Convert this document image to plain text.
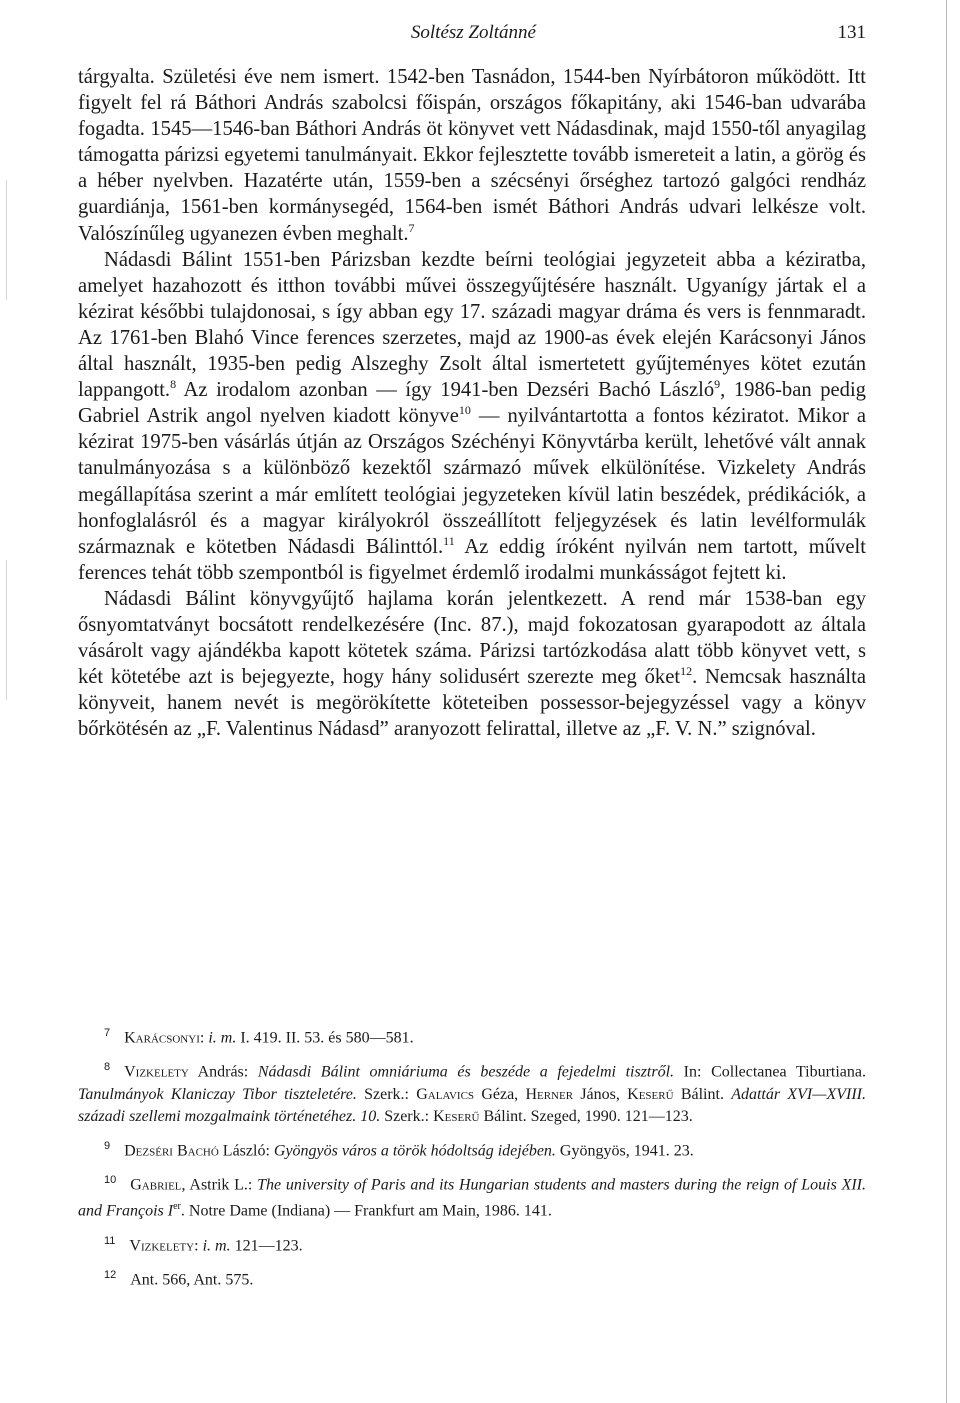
Soltész Zoltánné	131

tárgyalta. Születési éve nem ismert. 1542-ben Tasnádon, 1544-ben Nyírbátoron működött. Itt figyelt fel rá Báthori András szabolcsi főispán, országos főkapitány, aki 1546-ban udvarába fogadta. 1545—1546-ban Báthori András öt könyvet vett Nádasdinak, majd 1550-től anyagilag támogatta párizsi egyetemi tanulmányait. Ekkor fejlesztette tovább ismereteit a latin, a görög és a héber nyelvben. Hazatérte után, 1559-ben a szécsényi őrséghez tartozó galgóci rendház guardiánja, 1561-ben kormánysegéd, 1564-ben ismét Báthori András udvari lelkésze volt. Valószínűleg ugyanezen évben meghalt.$^7$

Nádasdi Bálint 1551-ben Párizsban kezdte beírni teológiai jegyzeteit abba a kéziratba, amelyet hazahozott és itthon további művei összegyűjtésére használt. Ugyanígy jártak el a kézirat későbbi tulajdonosai, s így abban egy 17. századi magyar dráma és vers is fennmaradt. Az 1761-ben Blahó Vince ferences szerzetes, majd az 1900-as évek elején Karácsonyi János által használt, 1935-ben pedig Alszeghy Zsolt által ismertetett gyűjteményes kötet ezután lappangott.$^8$ Az irodalom azonban — így 1941-ben Dezséri Bachó László$^9$, 1986-ban pedig Gabriel Astrik angol nyelven kiadott könyve$^{10}$ — nyilvántartotta a fontos kéziratot. Mikor a kézirat 1975-ben vásárlás útján az Országos Széchényi Könyvtárba került, lehetővé vált annak tanulmányozása s a különböző kezektől származó művek elkülönítése. Vizkelety András megállapítása szerint a már említett teológiai jegyzeteken kívül latin beszédek, prédikációk, a honfoglalásról és a magyar királyokról összeállított feljegyzések és latin levélformulák származnak e kötetben Nádasdi Bálinttól.$^{11}$ Az eddig íróként nyilván nem tartott, művelt ferences tehát több szempontból is figyelmet érdemlő irodalmi munkásságot fejtett ki.

Nádasdi Bálint könyvgyűjtő hajlama korán jelentkezett. A rend már 1538-ban egy ősnyomtatványt bocsátott rendelkezésére (Inc. 87.), majd fokozatosan gyarapodott az általa vásárolt vagy ajándékba kapott kötetek száma. Párizsi tartózkodása alatt több könyvet vett, s két kötetébe azt is bejegyezte, hogy hány solidusért szerezte meg őket$^{12}$. Nemcsak használta könyveit, hanem nevét is megörökítette köteteiben possessor-bejegyzéssel vagy a könyv bőrkötésén az „F. Valentinus Nádasd” aranyozott felirattal, illetve az „F. V. N.” szignóval.

$^7$ Karácsonyi: i. m. I. 419. II. 53. és 580—581.

$^8$ Vizkelety András: Nádasdi Bálint omniáriuma és beszéde a fejedelmi tisztről. In: Collectanea Tiburtiana. Tanulmányok Klaniczay Tibor tiszteletére. Szerk.: Galavics Géza, Herner János, Keserű Bálint. Adattár XVI—XVIII. századi szellemi mozgalmaink történetéhez. 10. Szerk.: Keserű Bálint. Szeged, 1990. 121—123.

$^9$ Dezséri Bachó László: Gyöngyös város a török hódoltság idejében. Gyöngyös, 1941. 23.

$^{10}$ Gabriel, Astrik L.: The university of Paris and its Hungarian students and masters during the reign of Louis XII. and François Ier. Notre Dame (Indiana) — Frankfurt am Main, 1986. 141.

$^{11}$ Vizkelety: i. m. 121—123.

$^{12}$ Ant. 566, Ant. 575.
